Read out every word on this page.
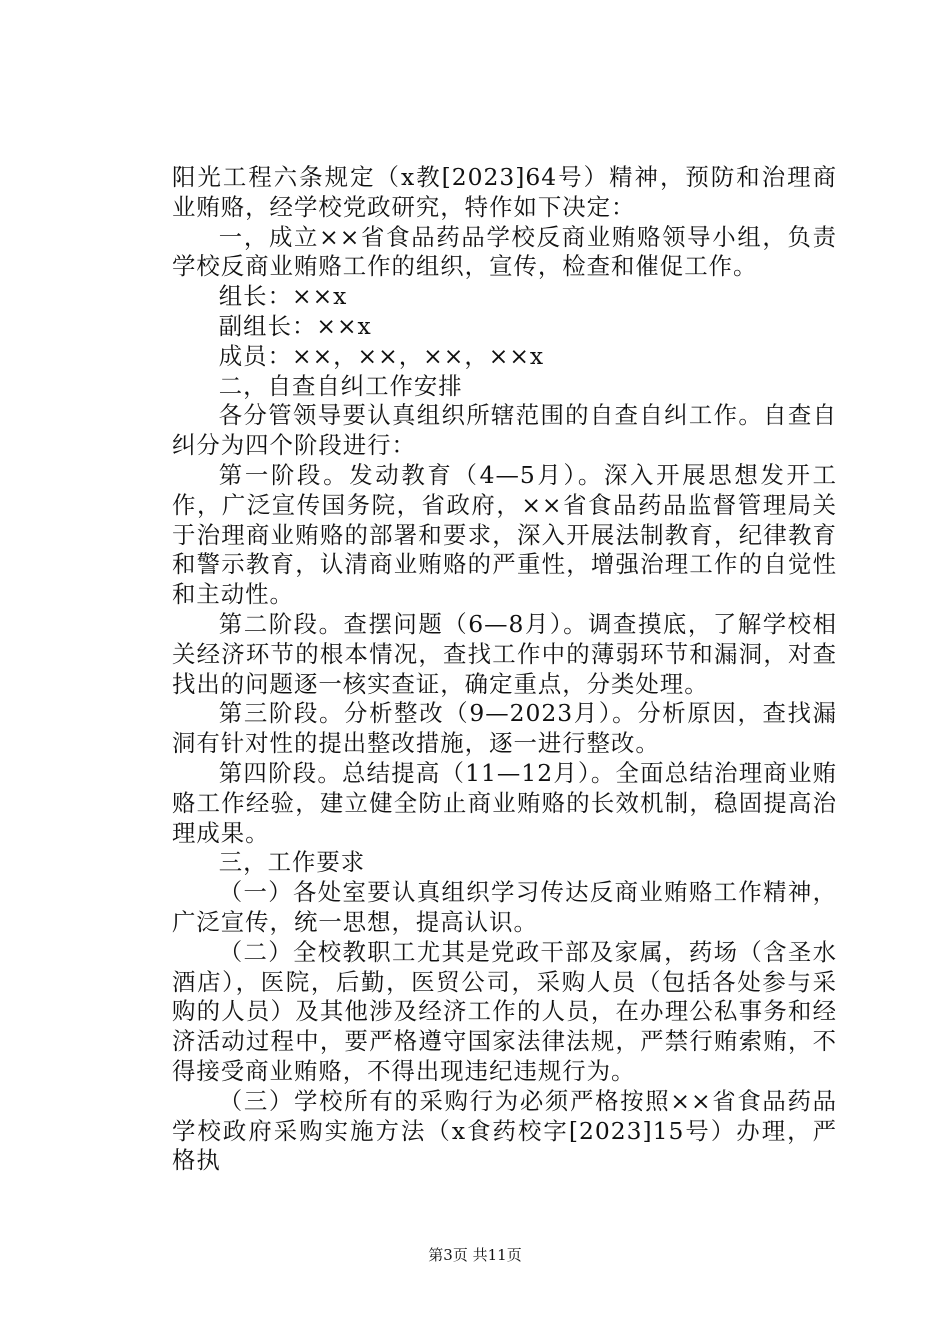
阳光工程六条规定（x教[2023]64号）精神，预防和治理商业贿赂，经学校党政研究，特作如下决定：

一，成立××省食品药品学校反商业贿赂领导小组，负责学校反商业贿赂工作的组织，宣传，检查和催促工作。

组长：××x

副组长：××x

成员：××，××，××，××x

二，自查自纠工作安排

各分管领导要认真组织所辖范围的自查自纠工作。自查自纠分为四个阶段进行：

第一阶段。发动教育（4—5月）。深入开展思想发开工作，广泛宣传国务院，省政府，××省食品药品监督管理局关于治理商业贿赂的部署和要求，深入开展法制教育，纪律教育和警示教育，认清商业贿赂的严重性，增强治理工作的自觉性和主动性。

第二阶段。查摆问题（6—8月）。调查摸底，了解学校相关经济环节的根本情况，查找工作中的薄弱环节和漏洞，对查找出的问题逐一核实查证，确定重点，分类处理。

第三阶段。分析整改（9—2023月）。分析原因，查找漏洞有针对性的提出整改措施，逐一进行整改。

第四阶段。总结提高（11—12月）。全面总结治理商业贿赂工作经验，建立健全防止商业贿赂的长效机制，稳固提高治理成果。

三，工作要求

（一）各处室要认真组织学习传达反商业贿赂工作精神，广泛宣传，统一思想，提高认识。

（二）全校教职工尤其是党政干部及家属，药场（含圣水酒店），医院，后勤，医贸公司，采购人员（包括各处参与采购的人员）及其他涉及经济工作的人员，在办理公私事务和经济活动过程中，要严格遵守国家法律法规，严禁行贿索贿，不得接受商业贿赂，不得出现违纪违规行为。

（三）学校所有的采购行为必须严格按照××省食品药品学校政府采购实施方法（x食药校字[2023]15号）办理，严格执

第3页 共11页
